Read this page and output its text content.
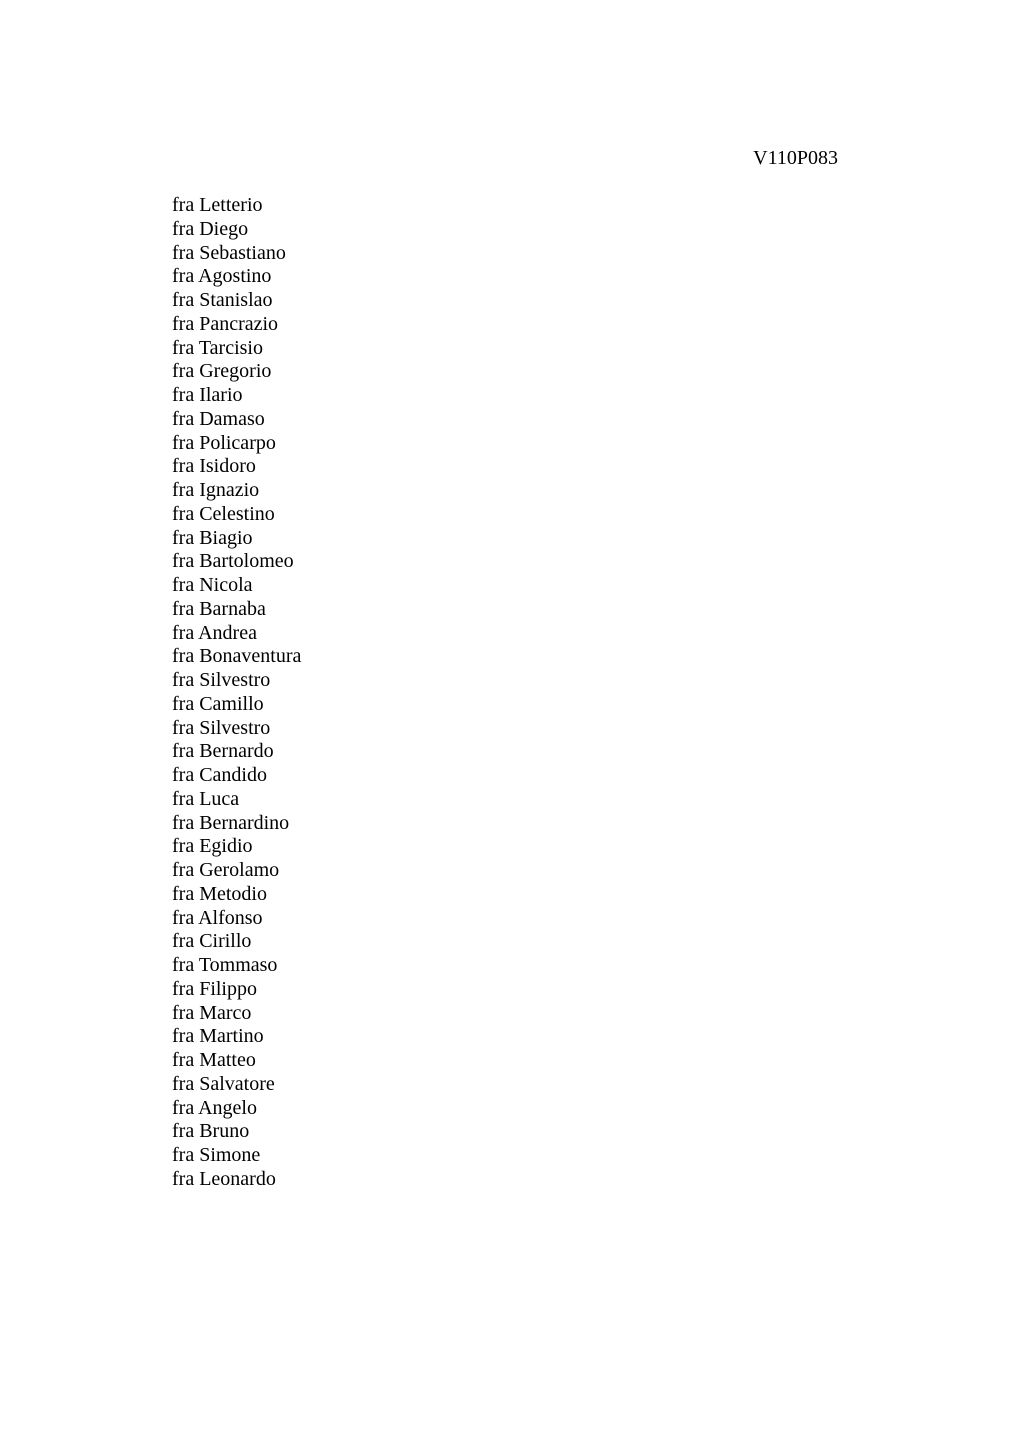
V110P083

fra Letterio
fra Diego
fra Sebastiano
fra Agostino
fra Stanislao
fra Pancrazio
fra Tarcisio
fra Gregorio
fra Ilario
fra Damaso
fra Policarpo
fra Isidoro
fra Ignazio
fra Celestino
fra Biagio
fra Bartolomeo
fra Nicola
fra Barnaba
fra Andrea
fra Bonaventura
fra Silvestro
fra Camillo
fra Silvestro
fra Bernardo
fra Candido
fra Luca
fra Bernardino
fra Egidio
fra Gerolamo
fra Metodio
fra Alfonso
fra Cirillo
fra Tommaso
fra Filippo
fra Marco
fra Martino
fra Matteo
fra Salvatore
fra Angelo
fra Bruno
fra Simone
fra Leonardo
